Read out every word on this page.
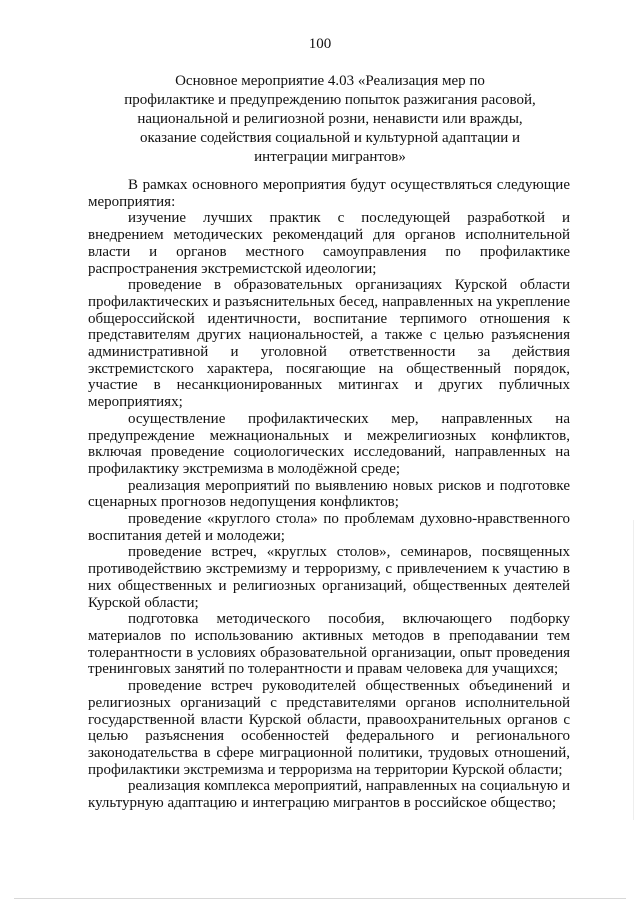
100
Основное мероприятие 4.03 «Реализация мер по
профилактике и предупреждению попыток разжигания расовой,
национальной и религиозной розни, ненависти или вражды,
оказание содействия социальной и культурной адаптации и
интеграции мигрантов»

В рамках основного мероприятия будут осуществляться следующие мероприятия:

изучение лучших практик с последующей разработкой и внедрением методических рекомендаций для органов исполнительной власти и органов местного самоуправления по профилактике распространения экстремистской идеологии;

проведение в образовательных организациях Курской области профилактических и разъяснительных бесед, направленных на укрепление общероссийской идентичности, воспитание терпимого отношения к представителям других национальностей, а также с целью разъяснения административной и уголовной ответственности за действия экстремистского характера, посягающие на общественный порядок, участие в несанкционированных митингах и других публичных мероприятиях;

осуществление профилактических мер, направленных на предупреждение межнациональных и межрелигиозных конфликтов, включая проведение социологических исследований, направленных на профилактику экстремизма в молодёжной среде;

реализация мероприятий по выявлению новых рисков и подготовке сценарных прогнозов недопущения конфликтов;

проведение «круглого стола» по проблемам духовно-нравственного воспитания детей и молодежи;

проведение встреч, «круглых столов», семинаров, посвященных противодействию экстремизму и терроризму, с привлечением к участию в них общественных и религиозных организаций, общественных деятелей Курской области;

подготовка методического пособия, включающего подборку материалов по использованию активных методов в преподавании тем толерантности в условиях образовательной организации, опыт проведения тренинговых занятий по толерантности и правам человека для учащихся;

проведение встреч руководителей общественных объединений и религиозных организаций с представителями органов исполнительной государственной власти Курской области, правоохранительных органов с целью разъяснения особенностей федерального и регионального законодательства в сфере миграционной политики, трудовых отношений, профилактики экстремизма и терроризма на территории Курской области;

реализация комплекса мероприятий, направленных на социальную и культурную адаптацию и интеграцию мигрантов в российское общество;
